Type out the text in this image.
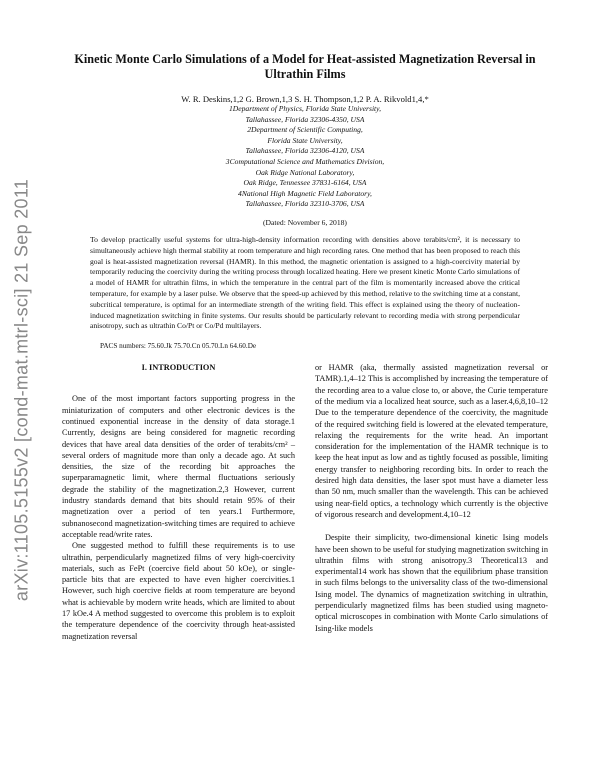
arXiv:1105.5155v2 [cond-mat.mtrl-sci] 21 Sep 2011
Kinetic Monte Carlo Simulations of a Model for Heat-assisted Magnetization Reversal in Ultrathin Films
W. R. Deskins,1,2 G. Brown,1,3 S. H. Thompson,1,2 P. A. Rikvold1,4,*
1Department of Physics, Florida State University,
Tallahassee, Florida 32306-4350, USA
2Department of Scientific Computing,
Florida State University,
Tallahassee, Florida 32306-4120, USA
3Computational Science and Mathematics Division,
Oak Ridge National Laboratory,
Oak Ridge, Tennessee 37831-6164, USA
4National High Magnetic Field Laboratory,
Tallahassee, Florida 32310-3706, USA
(Dated: November 6, 2018)
To develop practically useful systems for ultra-high-density information recording with densities above terabits/cm², it is necessary to simultaneously achieve high thermal stability at room temperature and high recording rates. One method that has been proposed to reach this goal is heat-assisted magnetization reversal (HAMR). In this method, the magnetic orientation is assigned to a high-coercivity material by temporarily reducing the coercivity during the writing process through localized heating. Here we present kinetic Monte Carlo simulations of a model of HAMR for ultrathin films, in which the temperature in the central part of the film is momentarily increased above the critical temperature, for example by a laser pulse. We observe that the speed-up achieved by this method, relative to the switching time at a constant, subcritical temperature, is optimal for an intermediate strength of the writing field. This effect is explained using the theory of nucleation-induced magnetization switching in finite systems. Our results should be particularly relevant to recording media with strong perpendicular anisotropy, such as ultrathin Co/Pt or Co/Pd multilayers.
PACS numbers: 75.60.Jk 75.70.Cn 05.70.Ln 64.60.De
I. INTRODUCTION

One of the most important factors supporting progress in the miniaturization of computers and other electronic devices is the continued exponential increase in the density of data storage.1 Currently, designs are being considered for magnetic recording devices that have areal data densities of the order of terabits/cm² – several orders of magnitude more than only a decade ago. At such densities, the size of the recording bit approaches the superparamagnetic limit, where thermal fluctuations seriously degrade the stability of the magnetization.2,3 However, current industry standards demand that bits should retain 95% of their magnetization over a period of ten years.1 Furthermore, subnanosecond magnetization-switching times are required to achieve acceptable read/write rates.

One suggested method to fulfill these requirements is to use ultrathin, perpendicularly magnetized films of very high-coercivity materials, such as FePt (coercive field about 50 kOe), or single-particle bits that are expected to have even higher coercivities.1 However, such high coercive fields at room temperature are beyond what is achievable by modern write heads, which are limited to about 17 kOe.4 A method suggested to overcome this problem is to exploit the temperature dependence of the coercivity through heat-assisted magnetization reversal

or HAMR (aka, thermally assisted magnetization reversal or TAMR).1,4–12 This is accomplished by increasing the temperature of the recording area to a value close to, or above, the Curie temperature of the medium via a localized heat source, such as a laser.4,6,8,10–12 Due to the temperature dependence of the coercivity, the magnitude of the required switching field is lowered at the elevated temperature, relaxing the requirements for the write head. An important consideration for the implementation of the HAMR technique is to keep the heat input as low and as tightly focused as possible, limiting energy transfer to neighboring recording bits. In order to reach the desired high data densities, the laser spot must have a diameter less than 50 nm, much smaller than the wavelength. This can be achieved using near-field optics, a technology which currently is the objective of vigorous research and development.4,10–12

Despite their simplicity, two-dimensional kinetic Ising models have been shown to be useful for studying magnetization switching in ultrathin films with strong anisotropy.3 Theoretical13 and experimental14 work has shown that the equilibrium phase transition in such films belongs to the universality class of the two-dimensional Ising model. The dynamics of magnetization switching in ultrathin, perpendicularly magnetized films has been studied using magneto-optical microscopes in combination with Monte Carlo simulations of Ising-like models
